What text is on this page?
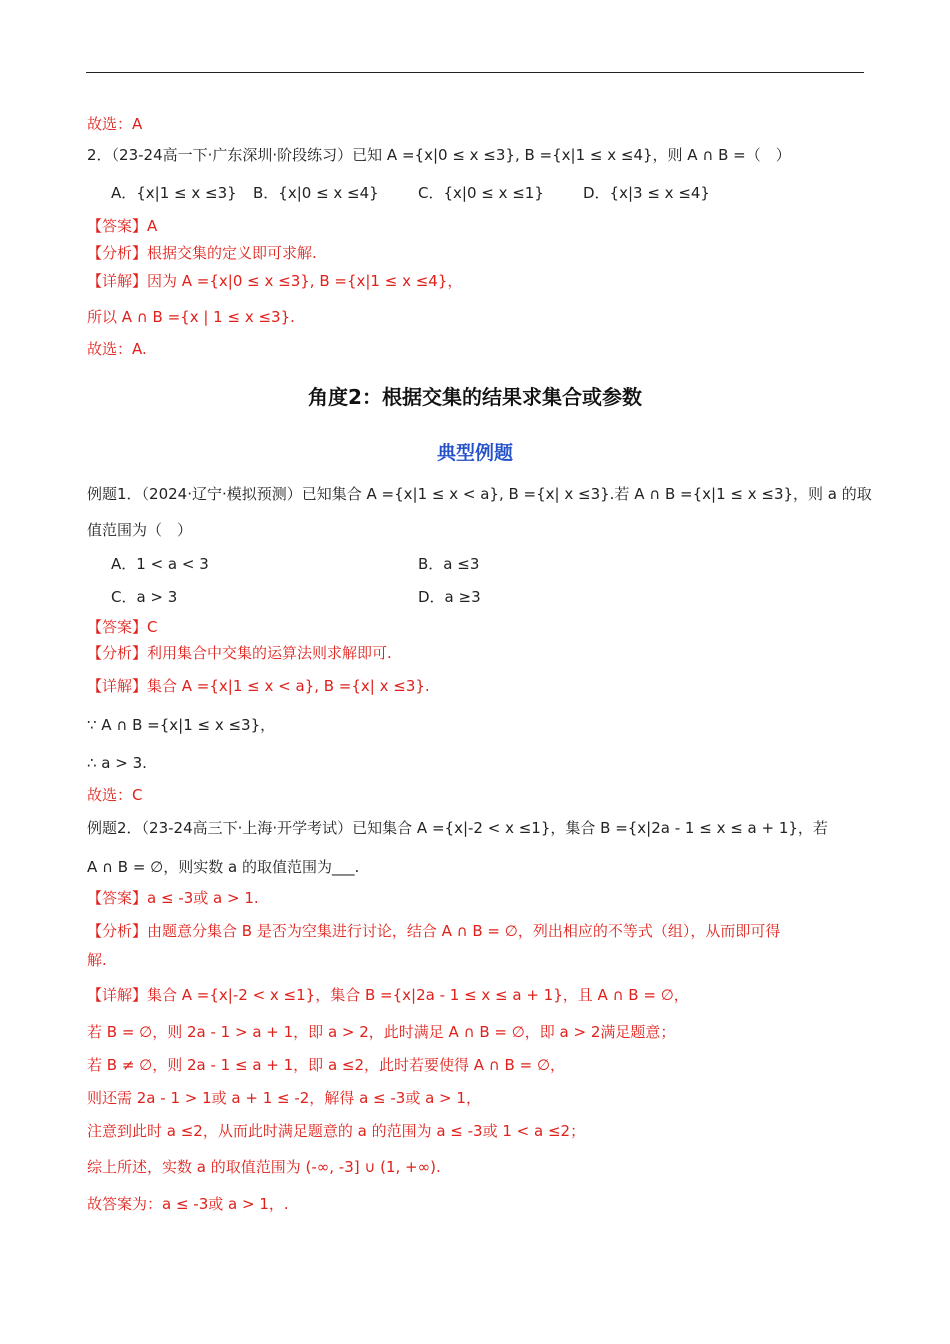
故选：A
2．（23-24高一下·广东深圳·阶段练习）已知 A ={x|0 ≤ x ≤3}, B ={x|1 ≤ x ≤4}，则 A ∩ B =（　）
A．{x|1 ≤ x ≤3} B．{x|0 ≤ x ≤4}	C．{x|0 ≤ x ≤1}	D．{x|3 ≤ x ≤4}
【答案】A
【分析】根据交集的定义即可求解.
【详解】因为 A ={x|0 ≤ x ≤3}, B ={x|1 ≤ x ≤4}，
所以 A ∩ B ={x | 1 ≤ x ≤3}.
故选：A.
角度2：根据交集的结果求集合或参数
典型例题
例题1．（2024·辽宁·模拟预测）已知集合 A ={x|1 ≤ x < a}, B ={x| x ≤3}.若 A ∩ B ={x|1 ≤ x ≤3}，则 a 的取
值范围为（　）
A．1 < a < 3	B．a ≤3
C．a > 3	D．a ≥3
【答案】C
【分析】利用集合中交集的运算法则求解即可.
【详解】集合 A ={x|1 ≤ x < a}, B ={x| x ≤3}.
∵ A ∩ B ={x|1 ≤ x ≤3}，
∴ a > 3.
故选：C
例题2．（23-24高三下·上海·开学考试）已知集合 A ={x|-2 < x ≤1}，集合 B ={x|2a - 1 ≤ x ≤ a + 1}，若
A ∩ B = ∅，则实数 a 的取值范围为___.
【答案】a ≤ -3或 a > 1.
【分析】由题意分集合 B 是否为空集进行讨论，结合 A ∩ B = ∅，列出相应的不等式（组），从而即可得
解.
【详解】集合 A ={x|-2 < x ≤1}，集合 B ={x|2a - 1 ≤ x ≤ a + 1}，且 A ∩ B = ∅，
若 B = ∅，则 2a - 1 > a + 1，即 a > 2，此时满足 A ∩ B = ∅，即 a > 2满足题意；
若 B ≠ ∅，则 2a - 1 ≤ a + 1，即 a ≤2，此时若要使得 A ∩ B = ∅，
则还需 2a - 1 > 1或 a + 1 ≤ -2，解得 a ≤ -3或 a > 1，
注意到此时 a ≤2，从而此时满足题意的 a 的范围为 a ≤ -3或 1 < a ≤2；
综上所述，实数 a 的取值范围为 (-∞, -3] ∪ (1, +∞).
故答案为：a ≤ -3或 a > 1，.
